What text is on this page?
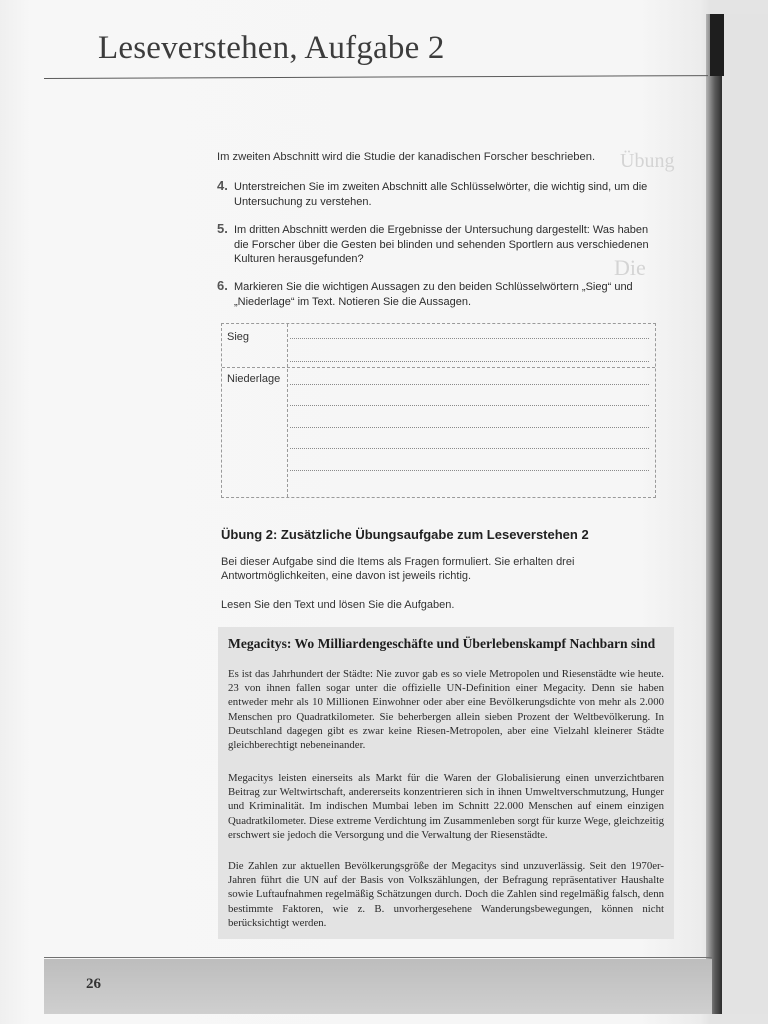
Übung
Die
Leseverstehen, Aufgabe 2
Im zweiten Abschnitt wird die Studie der kanadischen Forscher beschrieben.
4. Unterstreichen Sie im zweiten Abschnitt alle Schlüsselwörter, die wichtig sind, um die Untersuchung zu verstehen.
5. Im dritten Abschnitt werden die Ergebnisse der Untersuchung dargestellt: Was haben die Forscher über die Gesten bei blinden und sehenden Sportlern aus verschiedenen Kulturen herausgefunden?
6. Markieren Sie die wichtigen Aussagen zu den beiden Schlüsselwörtern „Sieg“ und „Niederlage“ im Text. Notieren Sie die Aussagen.
Sieg
Niederlage
Übung 2: Zusätzliche Übungsaufgabe zum Leseverstehen 2
Bei dieser Aufgabe sind die Items als Fragen formuliert. Sie erhalten drei Antwortmöglichkeiten, eine davon ist jeweils richtig.
Lesen Sie den Text und lösen Sie die Aufgaben.
Megacitys: Wo Milliardengeschäfte und Überlebenskampf Nachbarn sind
Es ist das Jahrhundert der Städte: Nie zuvor gab es so viele Metropolen und Riesenstädte wie heute. 23 von ihnen fallen sogar unter die offizielle UN-Definition einer Megacity. Denn sie haben entweder mehr als 10 Millionen Einwohner oder aber eine Bevölkerungsdichte von mehr als 2.000 Menschen pro Quadratkilometer. Sie beherbergen allein sieben Prozent der Weltbevölkerung. In Deutschland dagegen gibt es zwar keine Riesen-Metropolen, aber eine Vielzahl kleinerer Städte gleichberechtigt nebeneinander.
Megacitys leisten einerseits als Markt für die Waren der Globalisierung einen unverzichtbaren Beitrag zur Weltwirtschaft, andererseits konzentrieren sich in ihnen Umweltverschmutzung, Hunger und Kriminalität. Im indischen Mumbai leben im Schnitt 22.000 Menschen auf einem einzigen Quadratkilometer. Diese extreme Verdichtung im Zusammenleben sorgt für kurze Wege, gleichzeitig erschwert sie jedoch die Versorgung und die Verwaltung der Riesenstädte.
Die Zahlen zur aktuellen Bevölkerungsgröße der Megacitys sind unzuverlässig. Seit den 1970er-Jahren führt die UN auf der Basis von Volkszählungen, der Befragung repräsentativer Haushalte sowie Luftaufnahmen regelmäßig Schätzungen durch. Doch die Zahlen sind regelmäßig falsch, denn bestimmte Faktoren, wie z. B. unvorhergesehene Wanderungsbewegungen, können nicht berücksichtigt werden.
26
